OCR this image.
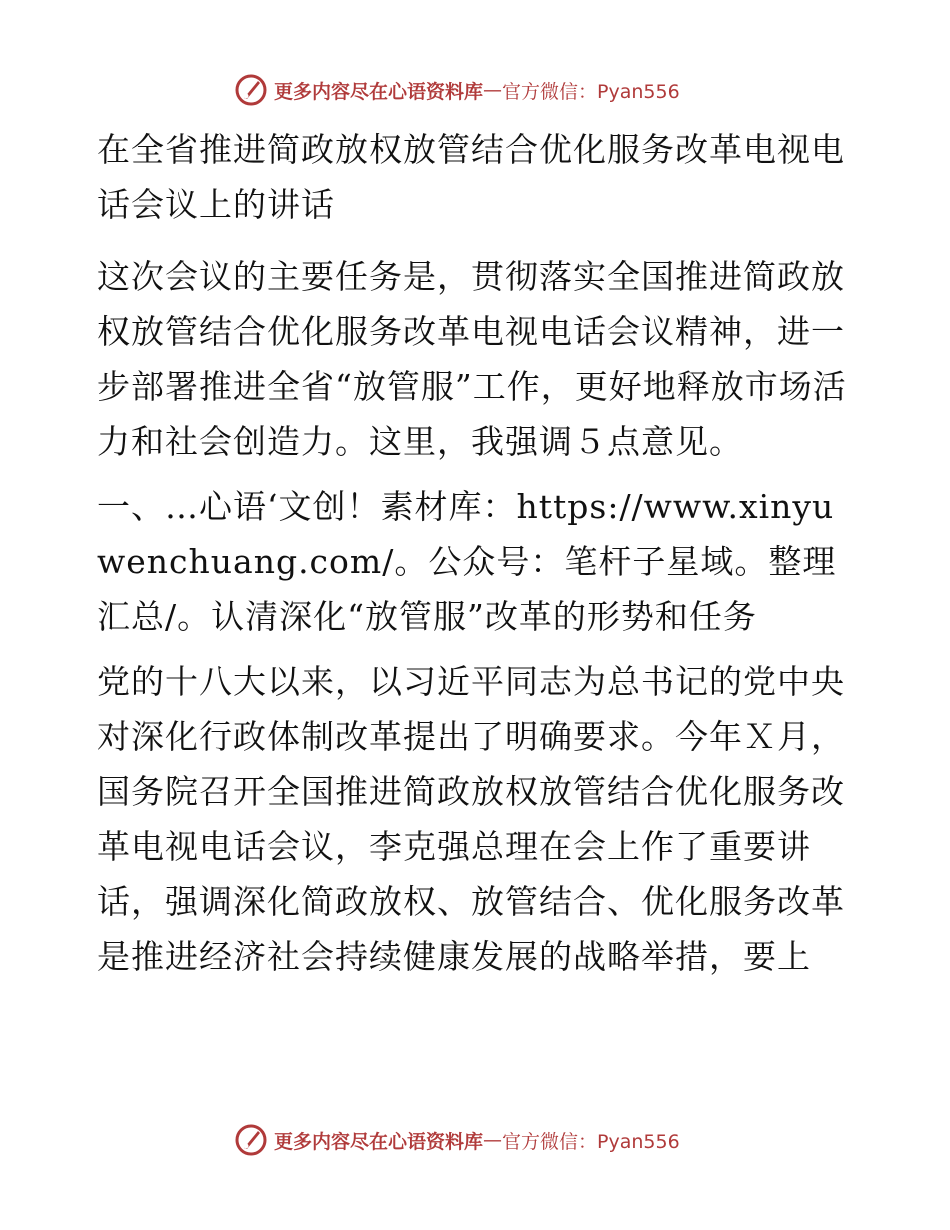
更多内容尽在心语资料库 — 官方微信：Pyan556

在全省推进简政放权放管结合优化服务改革电视电话会议上的讲话

这次会议的主要任务是，贯彻落实全国推进简政放权放管结合优化服务改革电视电话会议精神，进一步部署推进全省“放管服”工作，更好地释放市场活力和社会创造力。这里，我强调５点意见。

一、…心语‘文创！素材库：https://www.xinyuwenchuang.com/。公众号：笔杆子星域。整理汇总/。认清深化“放管服”改革的形势和任务

党的十八大以来，以习近平同志为总书记的党中央对深化行政体制改革提出了明确要求。今年Ｘ月，国务院召开全国推进简政放权放管结合优化服务改革电视电话会议，李克强总理在会上作了重要讲话，强调深化简政放权、放管结合、优化服务改革是推进经济社会持续健康发展的战略举措，要上

更多内容尽在心语资料库 — 官方微信：Pyan556
